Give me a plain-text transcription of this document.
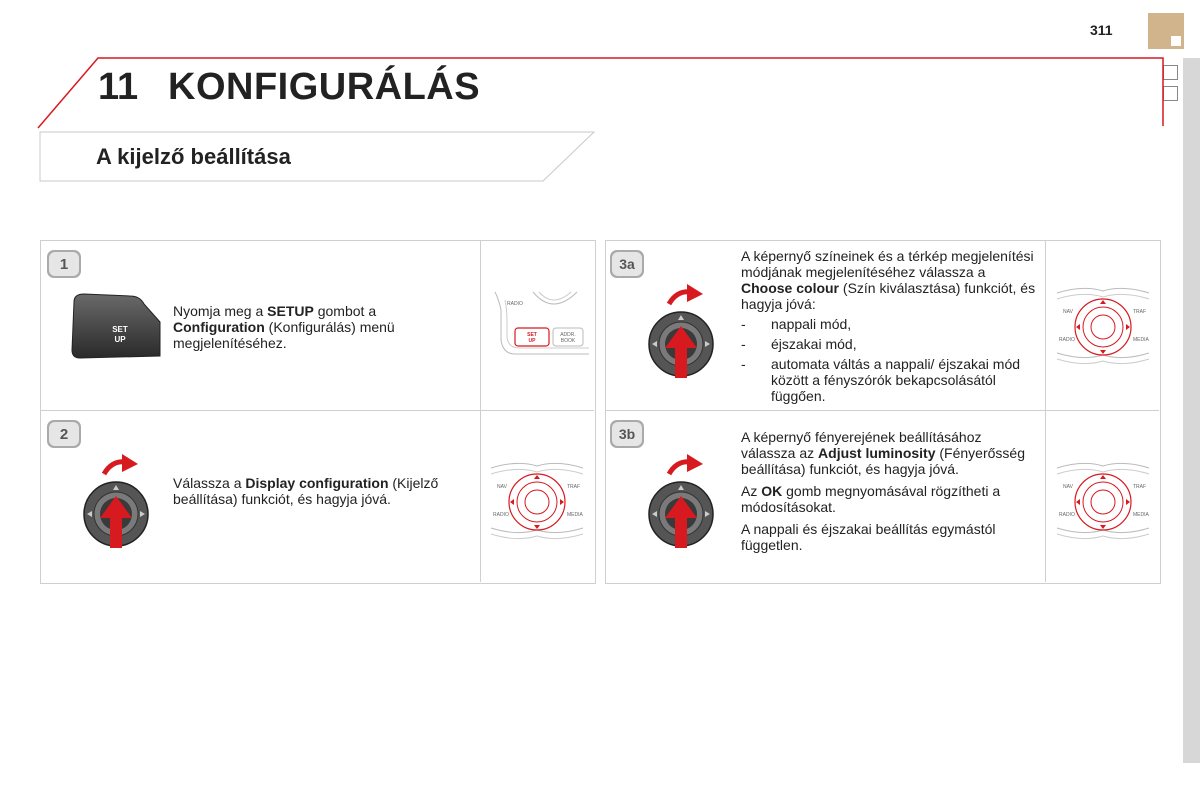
311
11 KONFIGURÁLÁS
A kijelző beállítása
1
2
3a
3b
SET
UP
Nyomja meg a SETUP gombot a Configuration (Konfigurálás) menü megjelenítéséhez.
RADIO
SET
UP
ADDR.
BOOK
Válassza a Display configuration (Kijelző beállítása) funkciót, és hagyja jóvá.
NAV	TRAF
RADIO	MEDIA
A képernyő színeinek és a térkép megjelenítési módjának megjelenítéséhez válassza a Choose colour (Szín kiválasztása) funkciót, és hagyja jóvá:
- nappali mód,
- éjszakai mód,
- automata váltás a nappali/ éjszakai mód között a fényszórók bekapcsolásától függően.
NAV	TRAF
RADIO	MEDIA

A képernyő fényerejének beállításához válassza az Adjust luminosity (Fényerősség beállítása) funkciót, és hagyja jóvá.

Az OK gomb megnyomásával rögzítheti a módosításokat.

A nappali és éjszakai beállítás egymástól független.

NAV	TRAF
RADIO	MEDIA
